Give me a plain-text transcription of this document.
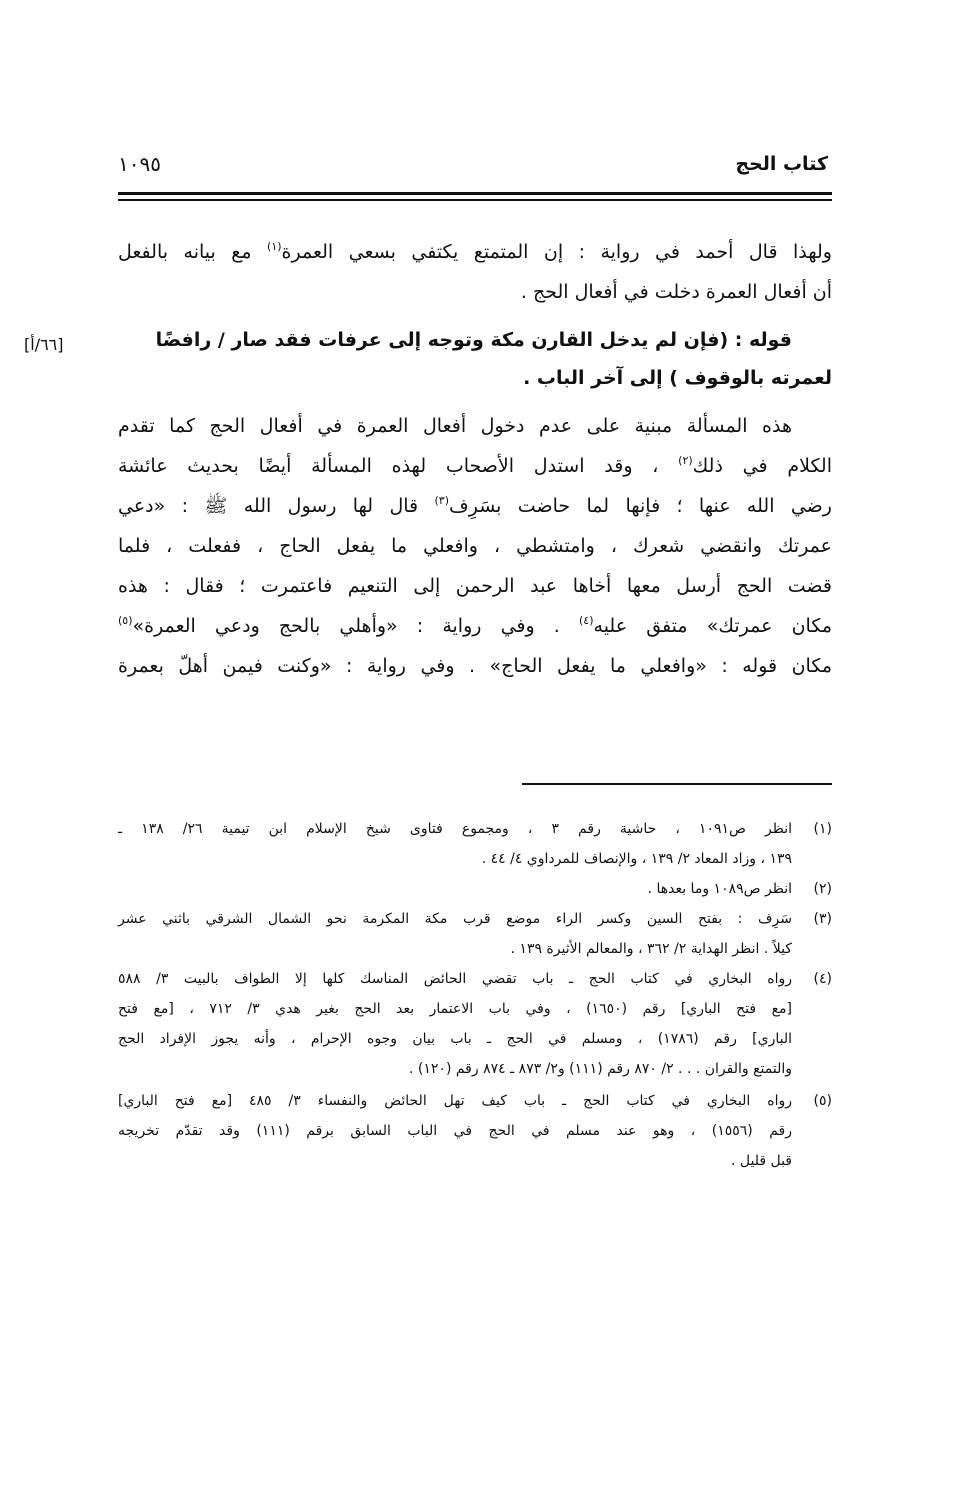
كتاب الحج
١٠٩٥
[٦٦/أ]
ولهذا قال أحمد في رواية : إن المتمتع يكتفي بسعي العمرة$^{(١)}$ مع بيانه بالفعل
أن أفعال العمرة دخلت في أفعال الحج .
قوله : (فإن لم يدخل القارن مكة وتوجه إلى عرفات فقد صار / رافضًا
لعمرته بالوقوف ) إلى آخر الباب .
هذه المسألة مبنية على عدم دخول أفعال العمرة في أفعال الحج كما تقدم
الكلام في ذلك$^{(٢)}$ ، وقد استدل الأصحاب لهذه المسألة أيضًا بحديث عائشة
رضي الله عنها ؛ فإنها لما حاضت بسَرِف$^{(٣)}$ قال لها رسول الله ﷺ : «دعي
عمرتك وانقضي شعرك ، وامتشطي ، وافعلي ما يفعل الحاج ، ففعلت ، فلما
قضت الحج أرسل معها أخاها عبد الرحمن إلى التنعيم فاعتمرت ؛ فقال : هذه
مكان عمرتك» متفق عليه$^{(٤)}$ . وفي رواية : «وأهلي بالحج ودعي العمرة»$^{(٥)}$
مكان قوله : «وافعلي ما يفعل الحاج» . وفي رواية : «وكنت فيمن أهلّ بعمرة
انظر ص١٠٩١ ، حاشية رقم ٣ ، ومجموع فتاوى شيخ الإسلام ابن تيمية ٢٦/ ١٣٨ ـ
١٣٩ ، وزاد المعاد ٢/ ١٣٩ ، والإنصاف للمرداوي ٤/ ٤٤ .
(١)
انظر ص١٠٨٩ وما بعدها . (٢)
سَرِف : بفتح السين وكسر الراء موضع قرب مكة المكرمة نحو الشمال الشرقي باثني عشر
كيلاً . انظر الهداية ٢/ ٣٦٢ ، والمعالم الأثيرة ١٣٩ .
(٣)
رواه البخاري في كتاب الحج ـ باب تقضي الحائض المناسك كلها إلا الطواف بالبيت ٣/ ٥٨٨
[مع فتح الباري] رقم (١٦٥٠) ، وفي باب الاعتمار بعد الحج بغير هدي ٣/ ٧١٢ ، [مع فتح
الباري] رقم (١٧٨٦) ، ومسلم في الحج ـ باب بيان وجوه الإحرام ، وأنه يجوز الإفراد الحج
والتمتع والقران . . . ٢/ ٨٧٠ رقم (١١١) و٢/ ٨٧٣ ـ ٨٧٤ رقم (١٢٠) .
(٤)
رواه البخاري في كتاب الحج ـ باب كيف تهل الحائض والنفساء ٣/ ٤٨٥ [مع فتح الباري]
رقم (١٥٥٦) ، وهو عند مسلم في الحج في الباب السابق برقم (١١١) وقد تقدّم تخريجه
قبل قليل .
(٥)
